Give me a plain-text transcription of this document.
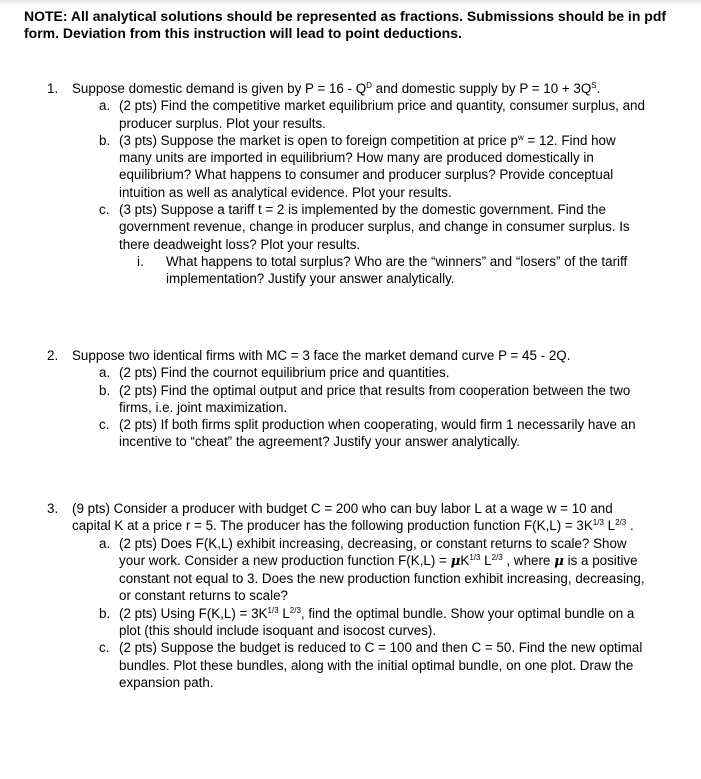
NOTE: All analytical solutions should be represented as fractions. Submissions should be in pdf form. Deviation from this instruction will lead to point deductions.
1. Suppose domestic demand is given by $P = 16 - Q^D$ and domestic supply by $P = 10 + 3Q^S$.
a. (2 pts) Find the competitive market equilibrium price and quantity, consumer surplus, and producer surplus. Plot your results.
b. (3 pts) Suppose the market is open to foreign competition at price $p^w = 12$. Find how many units are imported in equilibrium? How many are produced domestically in equilibrium? What happens to consumer and producer surplus? Provide conceptual intuition as well as analytical evidence. Plot your results.
c. (3 pts) Suppose a tariff t = 2 is implemented by the domestic government. Find the government revenue, change in producer surplus, and change in consumer surplus. Is there deadweight loss? Plot your results.
i. What happens to total surplus? Who are the “winners” and “losers” of the tariff implementation? Justify your answer analytically.
2. Suppose two identical firms with MC = 3 face the market demand curve P = 45 - 2Q.
a. (2 pts) Find the cournot equilibrium price and quantities.
b. (2 pts) Find the optimal output and price that results from cooperation between the two firms, i.e. joint maximization.
c. (2 pts) If both firms split production when cooperating, would firm 1 necessarily have an incentive to “cheat” the agreement? Justify your answer analytically.
3. (9 pts) Consider a producer with budget C = 200 who can buy labor L at a wage w = 10 and capital K at a price r = 5. The producer has the following production function $F(K,L) = 3K^{1/3}$ $L^{2/3}$ .
a. (2 pts) Does F(K,L) exhibit increasing, decreasing, or constant returns to scale? Show your work. Consider a new production function $F(K,L) = \mu K^{1/3}$ $L^{2/3}$ , where μ is a positive constant not equal to 3. Does the new production function exhibit increasing, decreasing, or constant returns to scale?
b. (2 pts) Using $F(K,L) = 3K^{1/3}$ $L^{2/3}$, find the optimal bundle. Show your optimal bundle on a plot (this should include isoquant and isocost curves).
c. (2 pts) Suppose the budget is reduced to C = 100 and then C = 50. Find the new optimal bundles. Plot these bundles, along with the initial optimal bundle, on one plot. Draw the expansion path.
